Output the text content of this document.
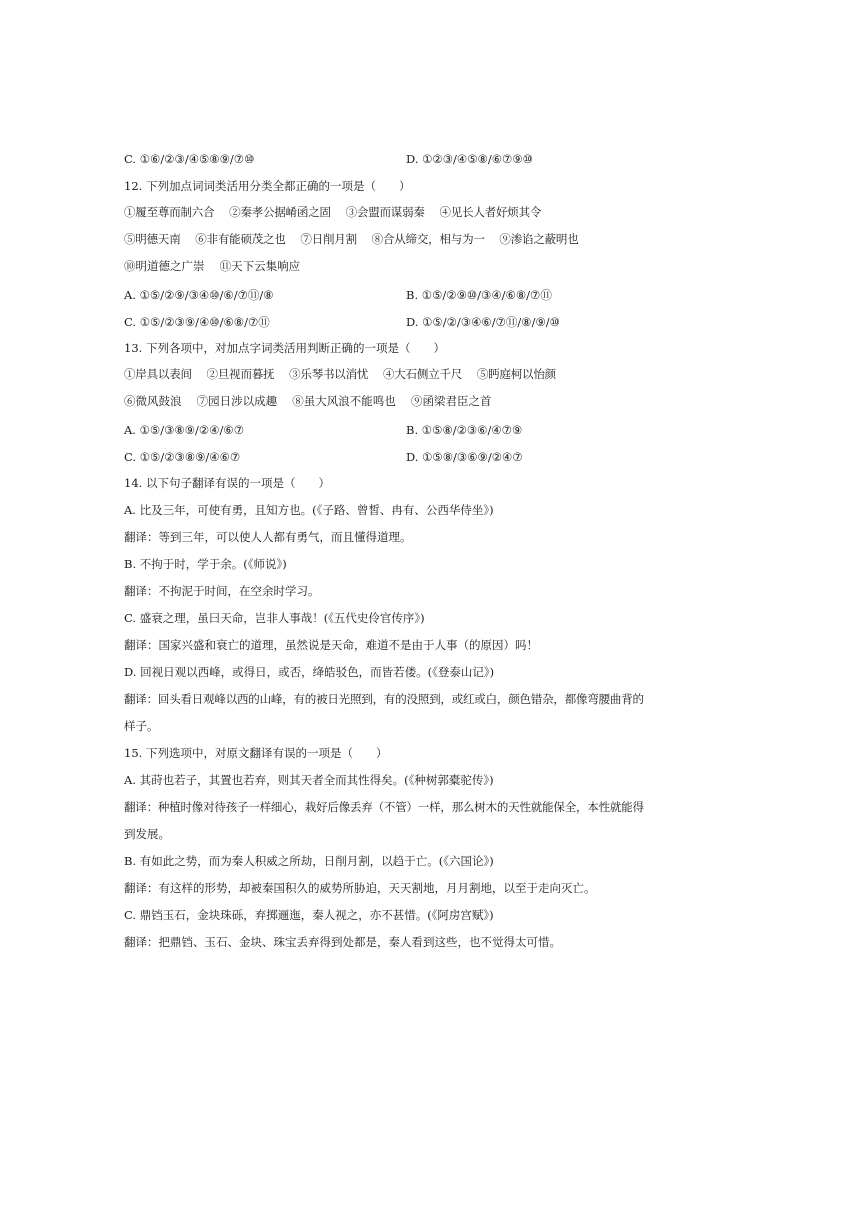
C. ①⑥/②③/④⑤⑧⑨/⑦⑩	D. ①②③/④⑤⑧/⑥⑦⑨⑩
12. 下列加点词词类活用分类全都正确的一项是（　　）
①履至尊而制六合　 ②秦孝公据崤函之固　 ③会盟而谋弱秦　 ④见长人者好烦其令
⑤明德天南　 ⑥非有能硕茂之也　 ⑦日削月割　 ⑧合从缔交，相与为一　 ⑨渗谄之蔽明也
⑩明道德之广崇　 ⑪天下云集响应
A. ①⑤/②⑨/③④⑩/⑥/⑦⑪/⑧	B. ①⑤/②⑨⑩/③④/⑥⑧/⑦⑪
C. ①⑤/②③⑨/④⑩/⑥⑧/⑦⑪	D. ①⑤/②/③④⑥/⑦⑪/⑧/⑨/⑩
13. 下列各项中，对加点字词类活用判断正确的一项是（　　）
①岸具以表间　 ②旦视而暮抚　 ③乐琴书以消忧　 ④大石侧立千尺　 ⑤眄庭柯以怡颜
⑥微风鼓浪　 ⑦园日涉以成趣　 ⑧虽大风浪不能鸣也　 ⑨函梁君臣之首
A. ①⑤/③⑧⑨/②④/⑥⑦	B. ①⑤⑧/②③⑥/④⑦⑨
C. ①⑤/②③⑧⑨/④⑥⑦	D. ①⑤⑧/③⑥⑨/②④⑦
14. 以下句子翻译有误的一项是（　　）
A. 比及三年，可使有勇，且知方也。(《子路、曾皙、冉有、公西华侍坐》)
翻译：等到三年，可以使人人都有勇气，而且懂得道理。
B. 不拘于时，学于余。(《师说》)
翻译：不拘泥于时间，在空余时学习。
C. 盛衰之理，虽曰天命，岂非人事哉！(《五代史伶官传序》)
翻译：国家兴盛和衰亡的道理，虽然说是天命，难道不是由于人事（的原因）吗！
D. 回视日观以西峰，或得日，或否，绛皓驳色，而皆若偻。(《登泰山记》)
翻译：回头看日观峰以西的山峰，有的被日光照到，有的没照到，或红或白，颜色错杂，都像弯腰曲背的
样子。
15. 下列选项中，对原文翻译有误的一项是（　　）
A. 其莳也若子，其置也若弃，则其天者全而其性得矣。(《种树郭橐驼传》)
翻译：种植时像对待孩子一样细心，栽好后像丢弃（不管）一样，那么树木的天性就能保全，本性就能得
到发展。
B. 有如此之势，而为秦人积威之所劫，日削月割，以趋于亡。(《六国论》)
翻译：有这样的形势，却被秦国积久的威势所胁迫，天天割地，月月割地，以至于走向灭亡。
C. 鼎铛玉石，金块珠砾，弃掷逦迤，秦人视之，亦不甚惜。(《阿房宫赋》)
翻译：把鼎铛、玉石、金块、珠宝丢弃得到处都是，秦人看到这些，也不觉得太可惜。
